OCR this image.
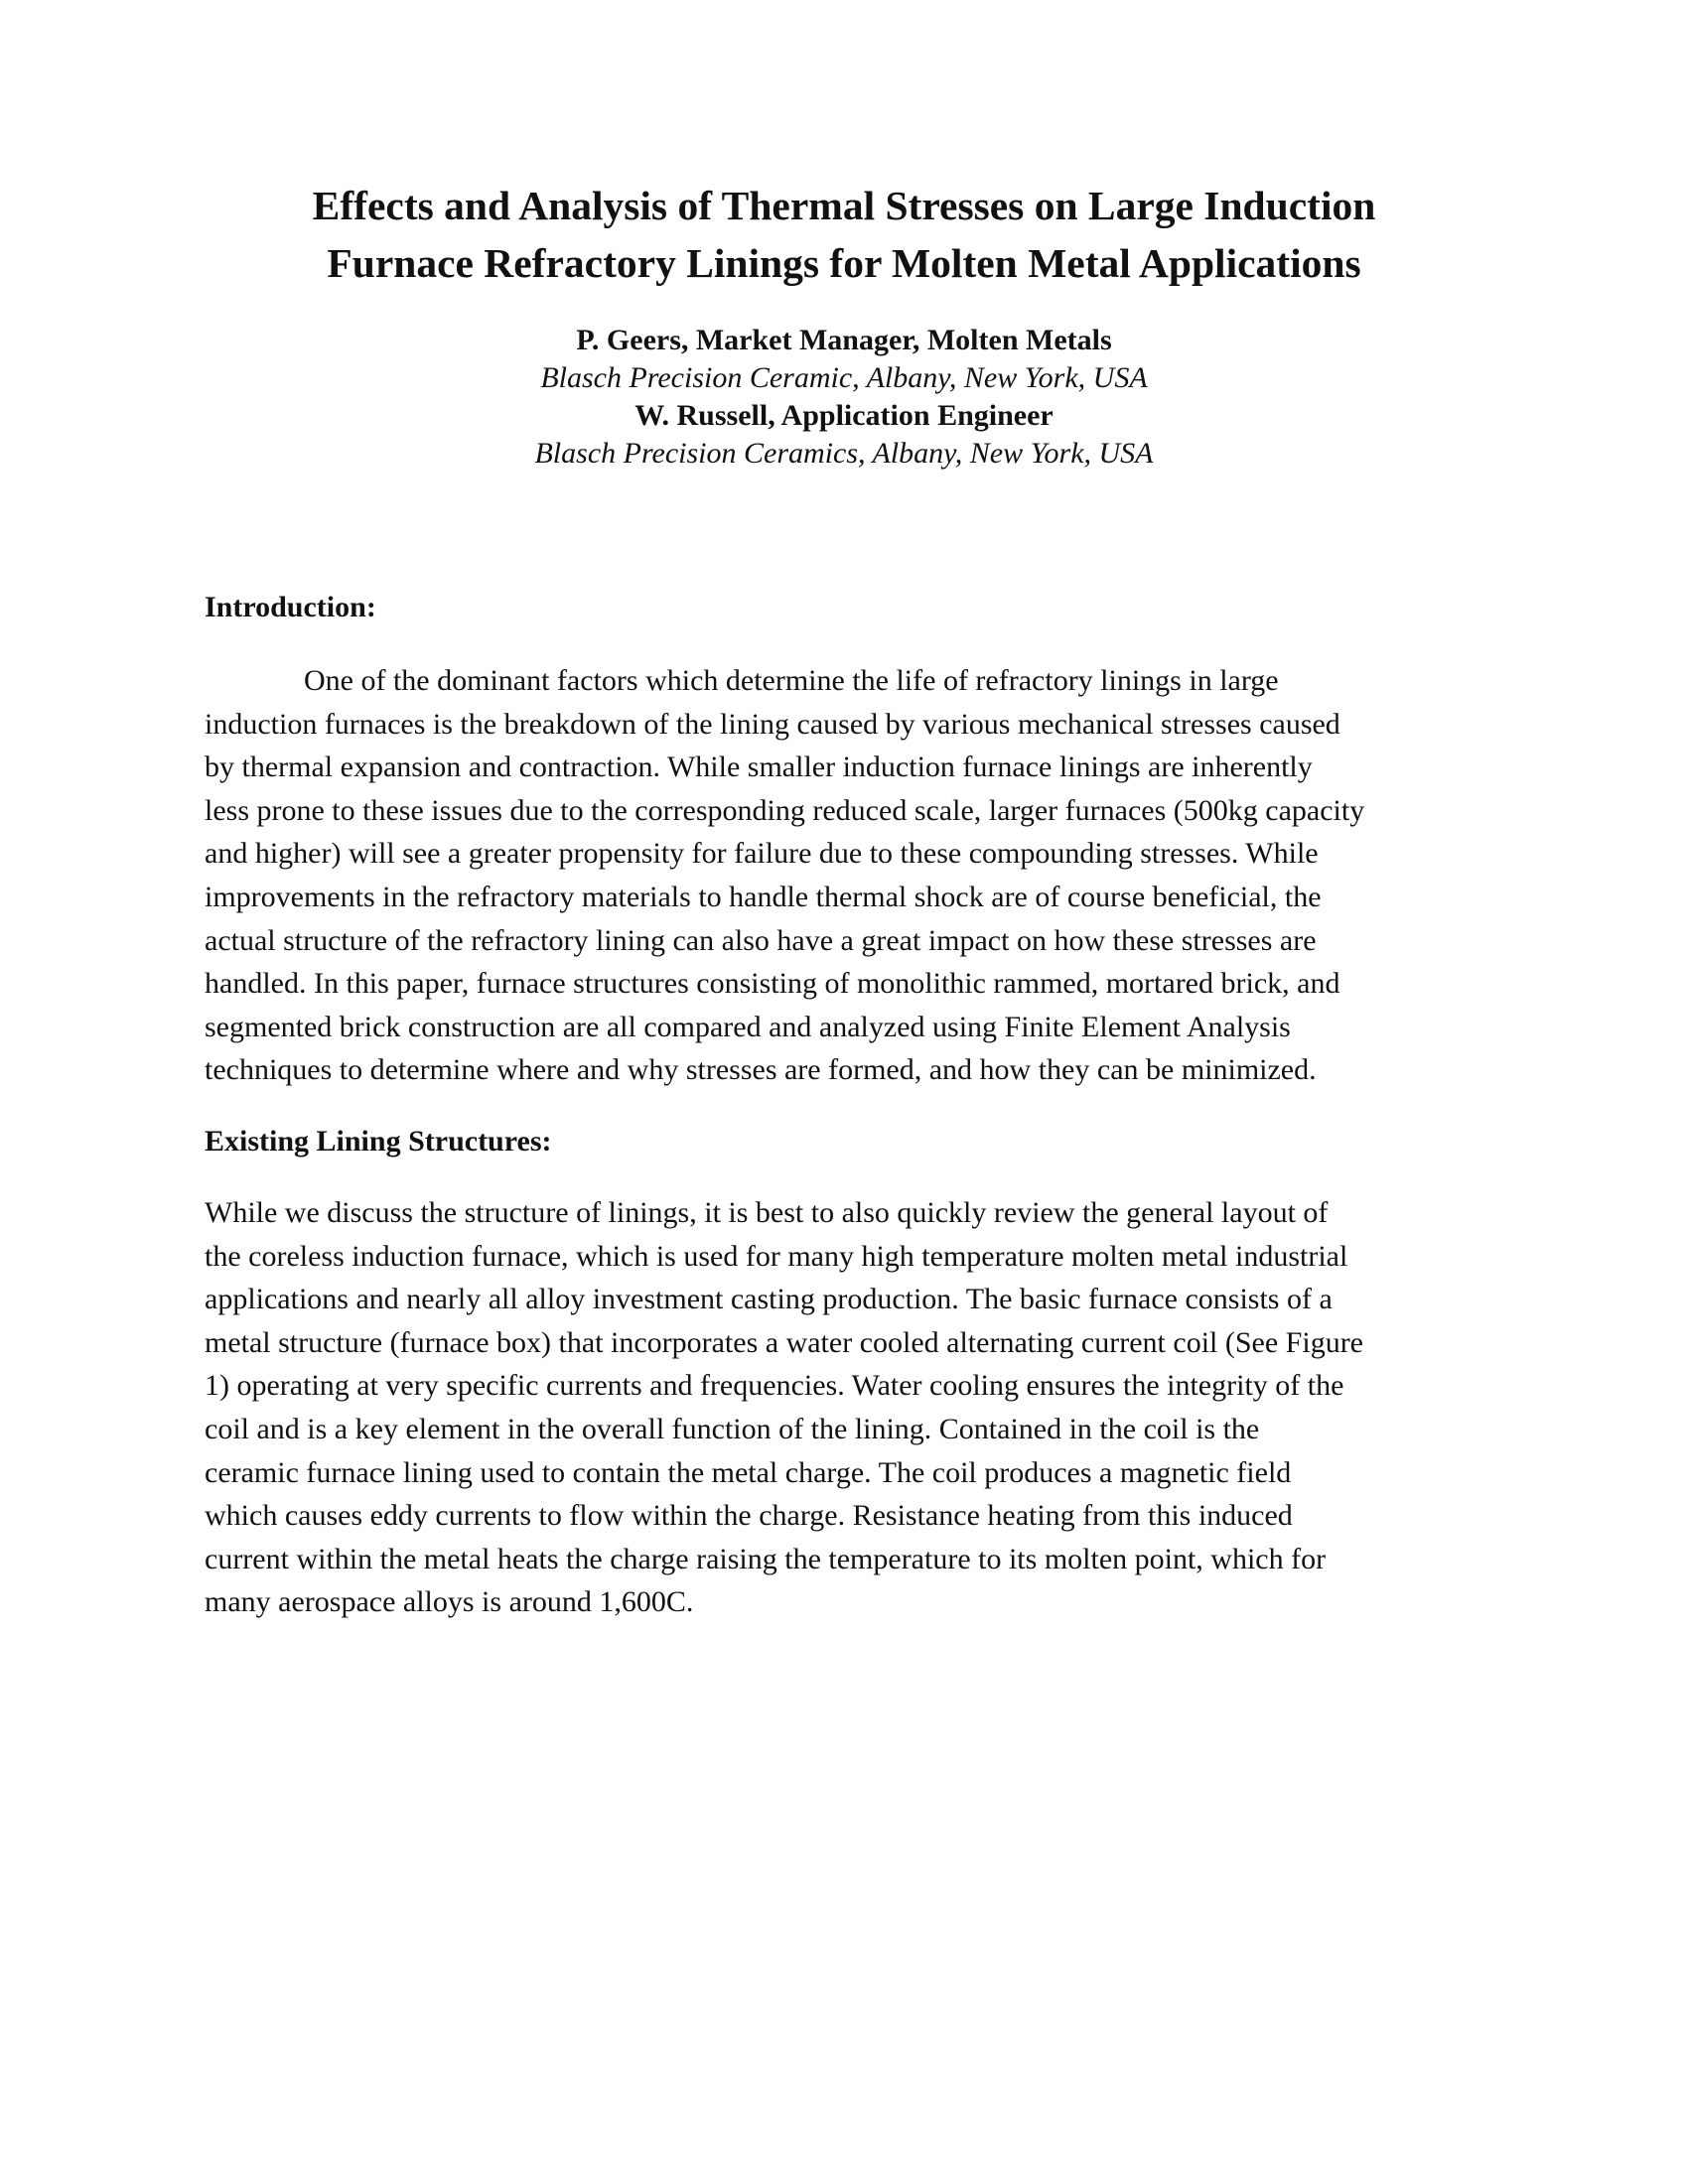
Effects and Analysis of Thermal Stresses on Large Induction
Furnace Refractory Linings for Molten Metal Applications
P. Geers, Market Manager, Molten Metals
Blasch Precision Ceramic, Albany, New York, USA
W. Russell, Application Engineer
Blasch Precision Ceramics, Albany, New York, USA
Introduction:
One of the dominant factors which determine the life of refractory linings in large
induction furnaces is the breakdown of the lining caused by various mechanical stresses caused
by thermal expansion and contraction. While smaller induction furnace linings are inherently
less prone to these issues due to the corresponding reduced scale, larger furnaces (500kg capacity
and higher) will see a greater propensity for failure due to these compounding stresses. While
improvements in the refractory materials to handle thermal shock are of course beneficial, the
actual structure of the refractory lining can also have a great impact on how these stresses are
handled. In this paper, furnace structures consisting of monolithic rammed, mortared brick, and
segmented brick construction are all compared and analyzed using Finite Element Analysis
techniques to determine where and why stresses are formed, and how they can be minimized.
Existing Lining Structures:
While we discuss the structure of linings, it is best to also quickly review the general layout of
the coreless induction furnace, which is used for many high temperature molten metal industrial
applications and nearly all alloy investment casting production. The basic furnace consists of a
metal structure (furnace box) that incorporates a water cooled alternating current coil (See Figure
1) operating at very specific currents and frequencies. Water cooling ensures the integrity of the
coil and is a key element in the overall function of the lining. Contained in the coil is the
ceramic furnace lining used to contain the metal charge. The coil produces a magnetic field
which causes eddy currents to flow within the charge. Resistance heating from this induced
current within the metal heats the charge raising the temperature to its molten point, which for
many aerospace alloys is around 1,600C.
